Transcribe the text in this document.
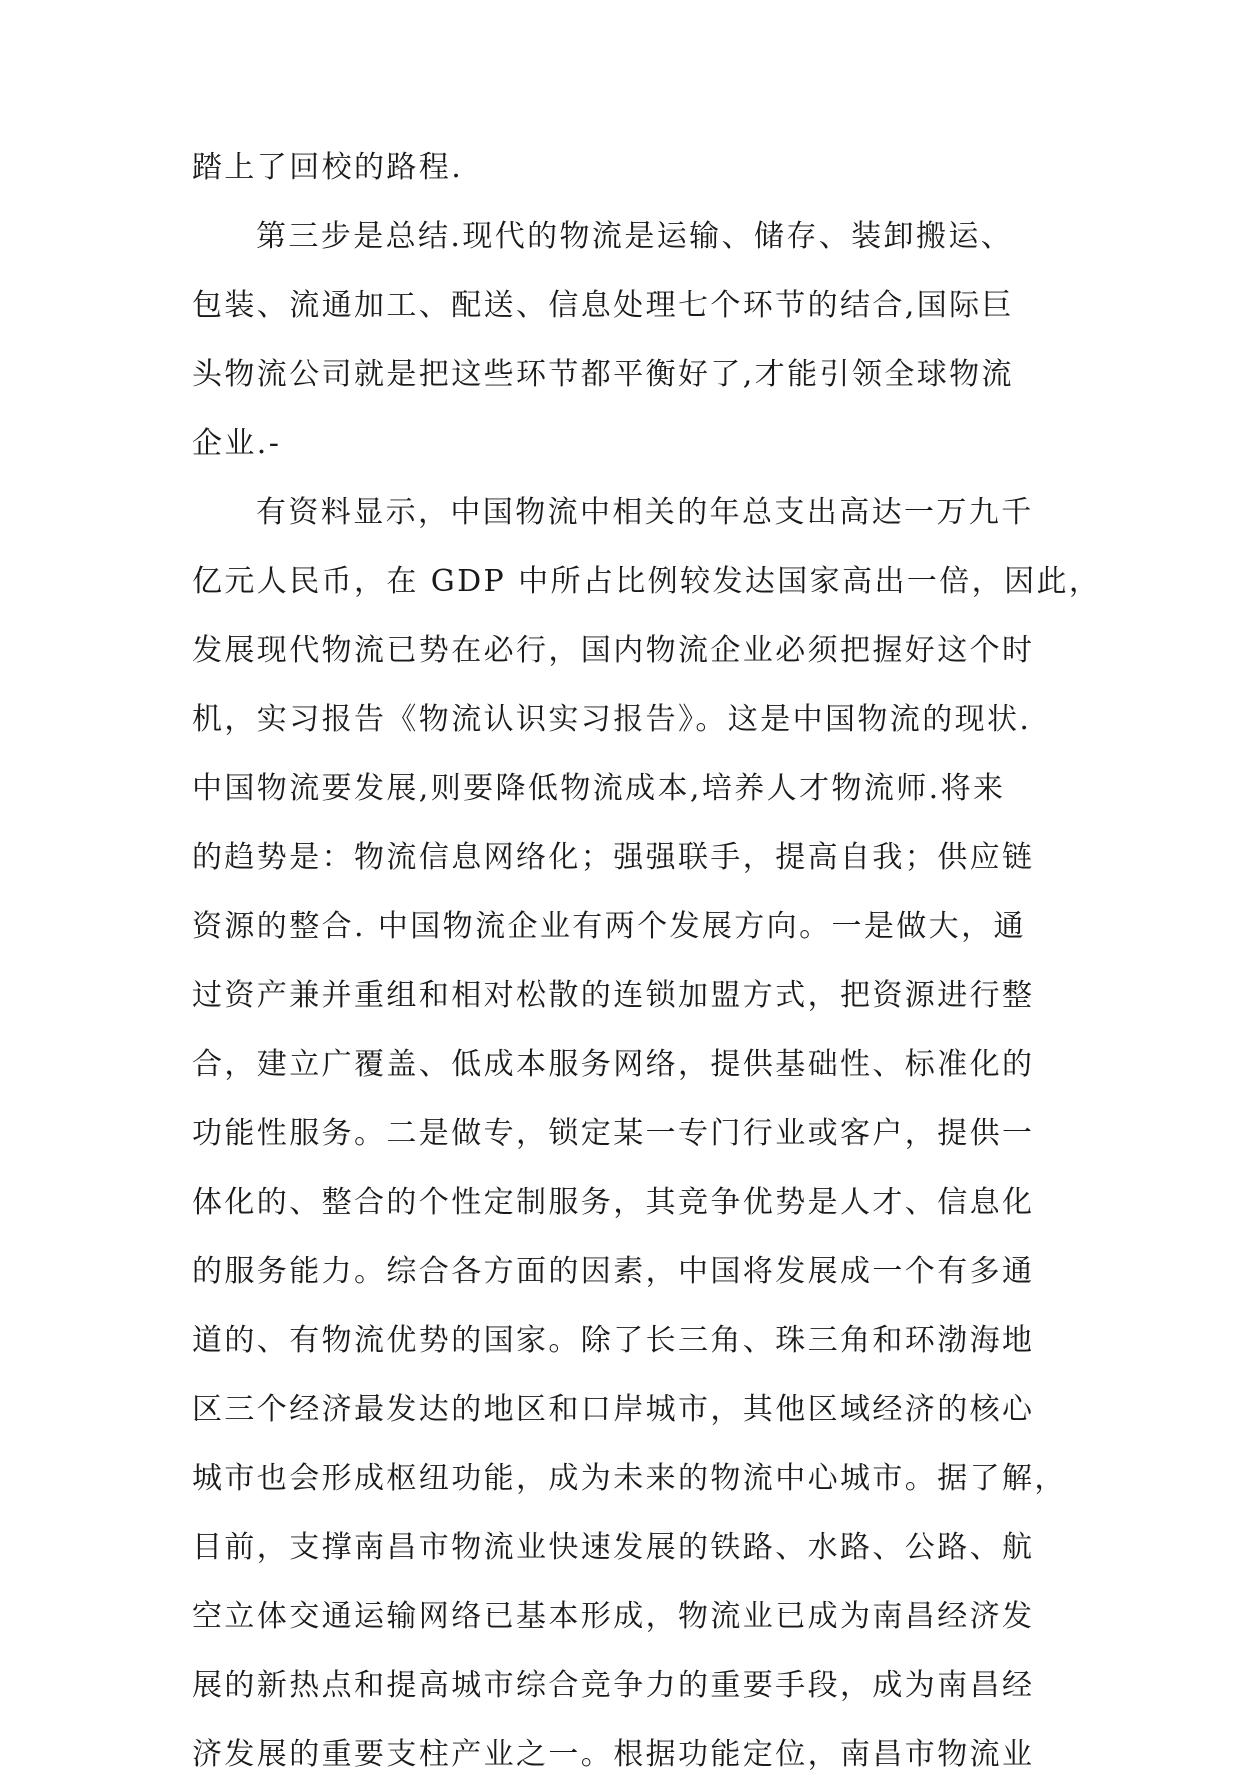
踏上了回校的路程.
第三步是总结.现代的物流是运输、储存、装卸搬运、
包装、流通加工、配送、信息处理七个环节的结合,国际巨
头物流公司就是把这些环节都平衡好了,才能引领全球物流
企业.-
有资料显示，中国物流中相关的年总支出高达一万九千
亿元人民币，在 GDP 中所占比例较发达国家高出一倍，因此，
发展现代物流已势在必行，国内物流企业必须把握好这个时
机，实习报告《物流认识实习报告》。这是中国物流的现状.
中国物流要发展,则要降低物流成本,培养人才物流师.将来
的趋势是：物流信息网络化；强强联手，提高自我；供应链
资源的整合. 中国物流企业有两个发展方向。一是做大，通
过资产兼并重组和相对松散的连锁加盟方式，把资源进行整
合，建立广覆盖、低成本服务网络，提供基础性、标准化的
功能性服务。二是做专，锁定某一专门行业或客户，提供一
体化的、整合的个性定制服务，其竞争优势是人才、信息化
的服务能力。综合各方面的因素，中国将发展成一个有多通
道的、有物流优势的国家。除了长三角、珠三角和环渤海地
区三个经济最发达的地区和口岸城市，其他区域经济的核心
城市也会形成枢纽功能，成为未来的物流中心城市。据了解，
目前，支撑南昌市物流业快速发展的铁路、水路、公路、航
空立体交通运输网络已基本形成，物流业已成为南昌经济发
展的新热点和提高城市综合竞争力的重要手段，成为南昌经
济发展的重要支柱产业之一。根据功能定位，南昌市物流业
